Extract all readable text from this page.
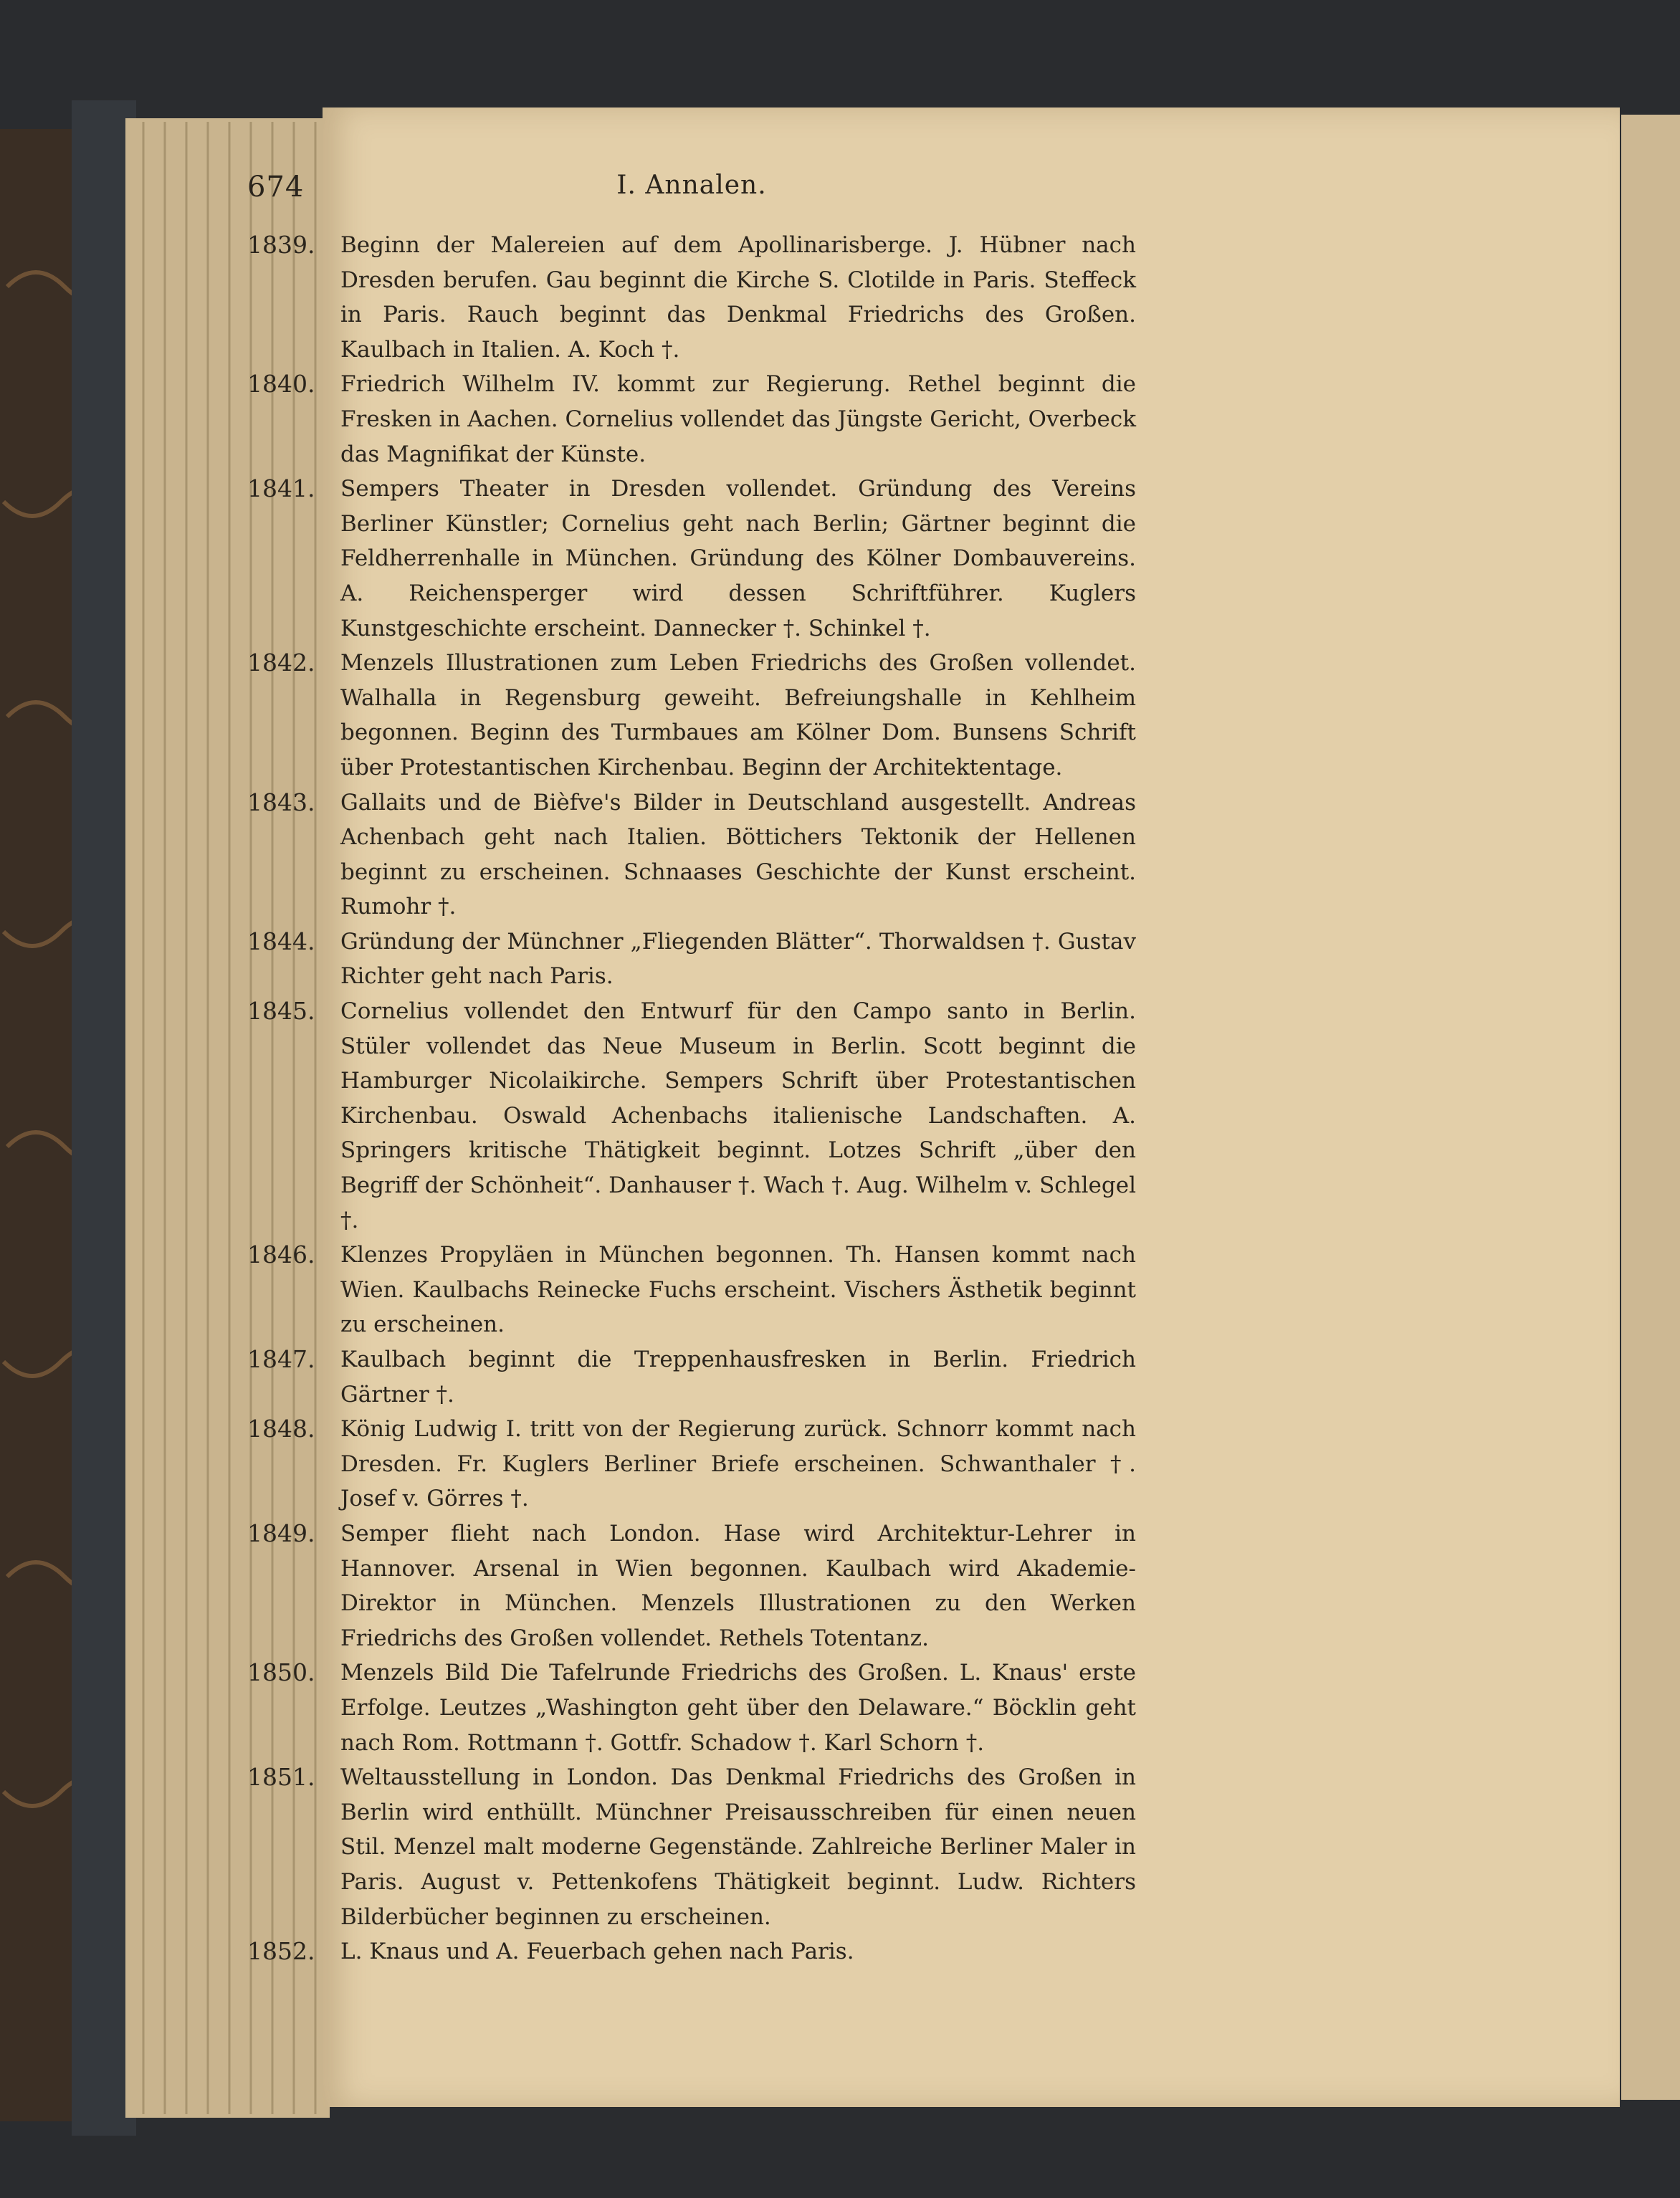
674	I. Annalen.
1839.	Beginn der Malereien auf dem Apollinarisberge. J. Hübner nach Dresden berufen. Gau beginnt die Kirche S. Clotilde in Paris. Steffeck in Paris. Rauch beginnt das Denkmal Friedrichs des Großen. Kaulbach in Italien. A. Koch †.
1840.	Friedrich Wilhelm IV. kommt zur Regierung. Rethel beginnt die Fresken in Aachen. Cornelius vollendet das Jüngste Gericht, Overbeck das Magnifikat der Künste.
1841.	Sempers Theater in Dresden vollendet. Gründung des Vereins Berliner Künstler; Cornelius geht nach Berlin; Gärtner beginnt die Feldherrenhalle in München. Gründung des Kölner Dombauvereins. A. Reichensperger wird dessen Schriftführer. Kuglers Kunstgeschichte erscheint. Dannecker †. Schinkel †.
1842.	Menzels Illustrationen zum Leben Friedrichs des Großen vollendet. Walhalla in Regensburg geweiht. Befreiungshalle in Kehlheim begonnen. Beginn des Turmbaues am Kölner Dom. Bunsens Schrift über Protestantischen Kirchenbau. Beginn der Architektentage.
1843.	Gallaits und de Bièfve's Bilder in Deutschland ausgestellt. Andreas Achenbach geht nach Italien. Böttichers Tektonik der Hellenen beginnt zu erscheinen. Schnaases Geschichte der Kunst erscheint. Rumohr †.
1844.	Gründung der Münchner „Fliegenden Blätter“. Thorwaldsen †. Gustav Richter geht nach Paris.
1845.	Cornelius vollendet den Entwurf für den Campo santo in Berlin. Stüler vollendet das Neue Museum in Berlin. Scott beginnt die Hamburger Nicolaikirche. Sempers Schrift über Protestantischen Kirchenbau. Oswald Achenbachs italienische Landschaften. A. Springers kritische Thätigkeit beginnt. Lotzes Schrift „über den Begriff der Schönheit“. Danhauser †. Wach †. Aug. Wilhelm v. Schlegel †.
1846.	Klenzes Propyläen in München begonnen. Th. Hansen kommt nach Wien. Kaulbachs Reinecke Fuchs erscheint. Vischers Ästhetik beginnt zu erscheinen.
1847.	Kaulbach beginnt die Treppenhausfresken in Berlin. Friedrich Gärtner †.
1848.	König Ludwig I. tritt von der Regierung zurück. Schnorr kommt nach Dresden. Fr. Kuglers Berliner Briefe erscheinen. Schwanthaler †. Josef v. Görres †.
1849.	Semper flieht nach London. Hase wird Architektur-Lehrer in Hannover. Arsenal in Wien begonnen. Kaulbach wird Akademie-Direktor in München. Menzels Illustrationen zu den Werken Friedrichs des Großen vollendet. Rethels Totentanz.
1850.	Menzels Bild Die Tafelrunde Friedrichs des Großen. L. Knaus' erste Erfolge. Leutzes „Washington geht über den Delaware.“ Böcklin geht nach Rom. Rottmann †. Gottfr. Schadow †. Karl Schorn †.
1851.	Weltausstellung in London. Das Denkmal Friedrichs des Großen in Berlin wird enthüllt. Münchner Preisausschreiben für einen neuen Stil. Menzel malt moderne Gegenstände. Zahlreiche Berliner Maler in Paris. August v. Pettenkofens Thätigkeit beginnt. Ludw. Richters Bilderbücher beginnen zu erscheinen.
1852.	L. Knaus und A. Feuerbach gehen nach Paris.
